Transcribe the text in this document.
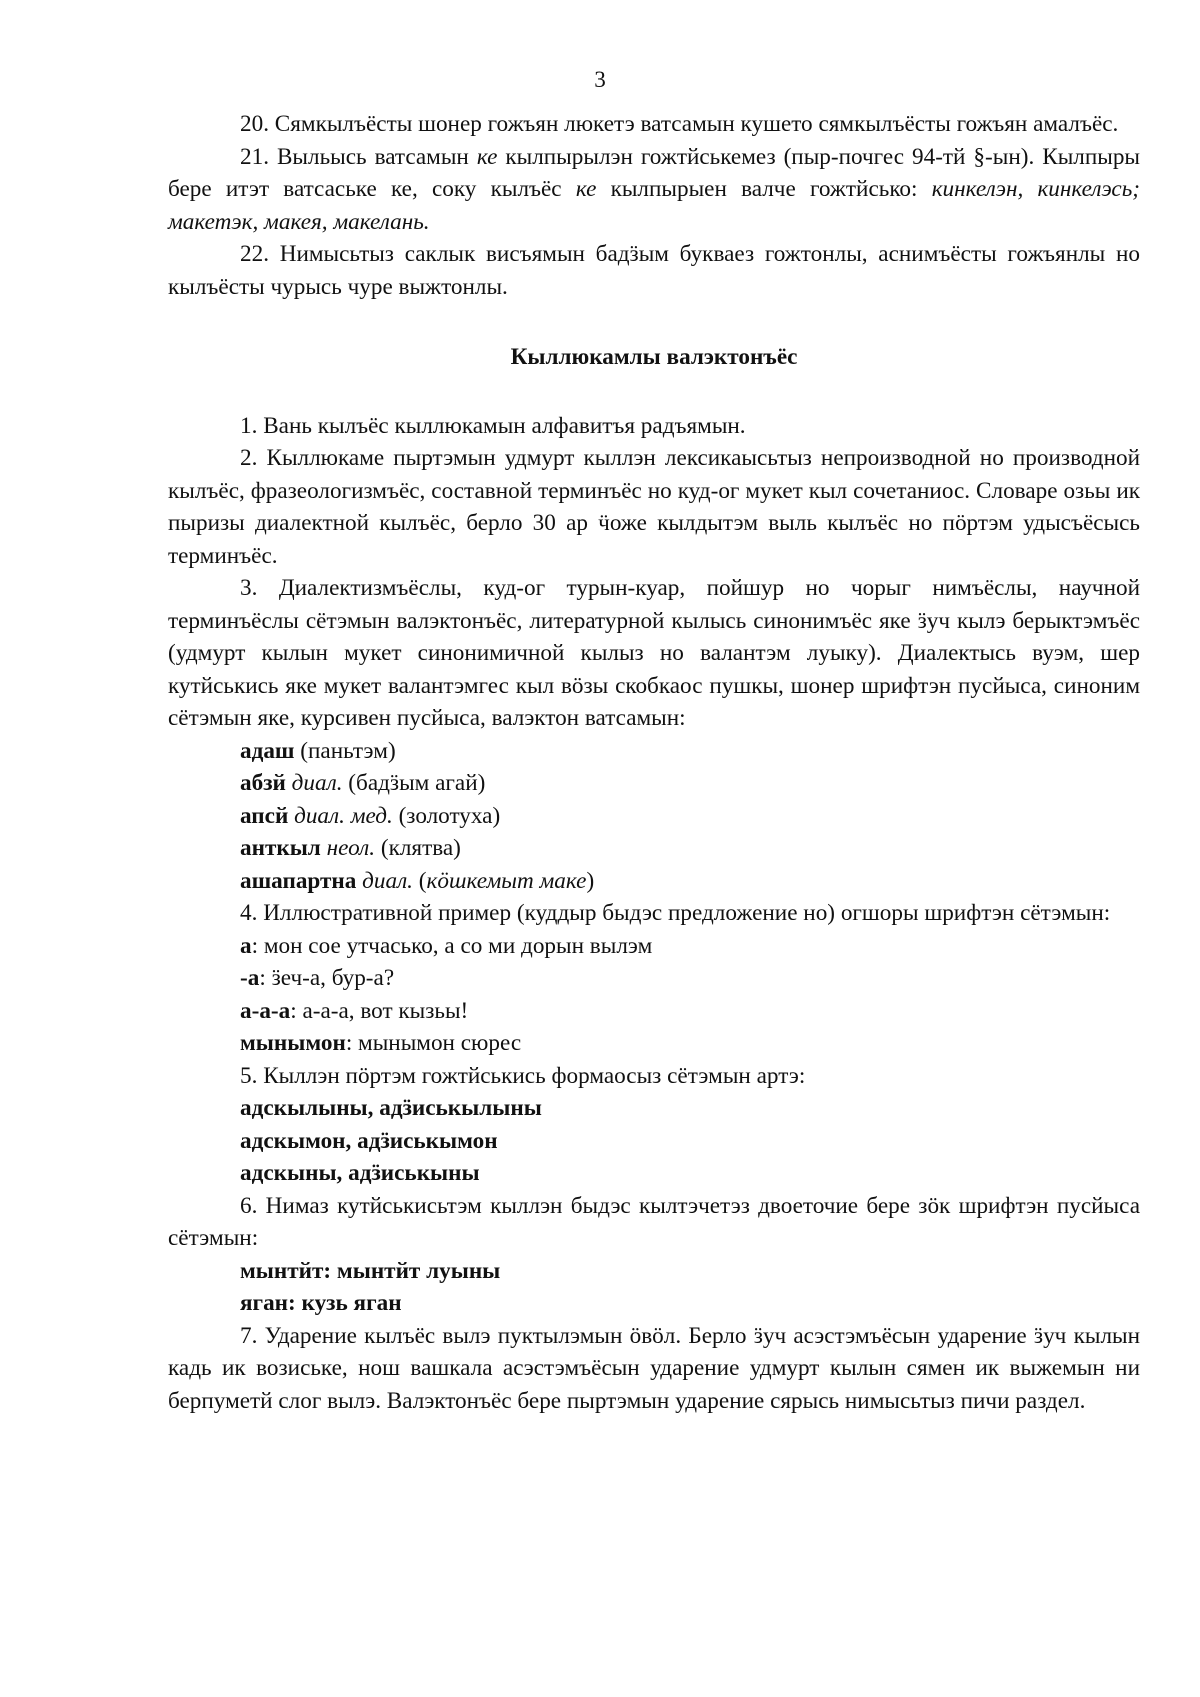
3

20. Сямкылъёсты шонер гожъян люкетэ ватсамын кушето сямкылъёсты гожъян амалъёс.

21. Выльысь ватсамын ке кылпырылэн гожтйськемез (пыр-почгес 94-тй §-ын). Кылпыры бере итэт ватсаське ке, соку кылъёс ке кылпырыен валче гожтйсько: кинкелэн, кинкелэсь; макетэк, макея, макелань.

22. Нимысьтыз саклык висъямын бадӟым букваез гожтонлы, аснимъёсты гожъянлы но кылъёсты чурысь чуре выжтонлы.

Кыллюкамлы валэктонъёс

1. Вань кылъёс кыллюкамын алфавитъя радъямын.

2. Кыллюкаме пыртэмын удмурт кыллэн лексикаысьтыз непроизводной но производной кылъёс, фразеологизмъёс, составной терминъёс но куд-ог мукет кыл сочетаниос. Словаре озьы ик пыризы диалектной кылъёс, берло 30 ар ӵоже кылдытэм выль кылъёс но пӧртэм удысъёсысь терминъёс.

3. Диалектизмъёслы, куд-ог турын-куар, пойшур но чорыг нимъёслы, научной терминъёслы сётэмын валэктонъёс, литературной кылысь синонимъёс яке ӟуч кылэ берыктэмъёс (удмурт кылын мукет синонимичной кылыз но валантэм луыку). Диалектысь вуэм, шер кутйськись яке мукет валантэмгес кыл вӧзы скобкаос пушкы, шонер шрифтэн пусйыса, синоним сётэмын яке, курсивен пусйыса, валэктон ватсамын:

адаш (паньтэм)
абзй диал. (бадӟым агай)
апсй диал. мед. (золотуха)
анткыл неол. (клятва)
ашапартна диал. (кӧшкемыт маке)

4. Иллюстративной пример (куддыр быдэс предложение но) огшоры шрифтэн сётэмын:

а: мон сое утчасько, а со ми дорын вылэм
-а: ӟеч-а, бур-а?
а-а-а: а-а-а, вот кызьы!
мынымон: мынымон сюрес

5. Кыллэн пӧртэм гожтйськись формаосыз сётэмын артэ:

адскылыны, адӟиськылыны
адскымон, адӟиськымон
адскыны, адӟиськыны

6. Нимаз кутйськисьтэм кыллэн быдэс кылтэчетэз двоеточие бере зӧк шрифтэн пусйыса сётэмын:

мынтйт: мынтйт луыны
яган: кузь яган

7. Ударение кылъёс вылэ пуктылэмын ӧвӧл. Берло ӟуч асэстэмъёсын ударение ӟуч кылын кадь ик возиське, нош вашкала асэстэмъёсын ударение удмурт кылын сямен ик выжемын ни берпуметй слог вылэ. Валэктонъёс бере пыртэмын ударение сярысь нимысьтыз пичи раздел.
